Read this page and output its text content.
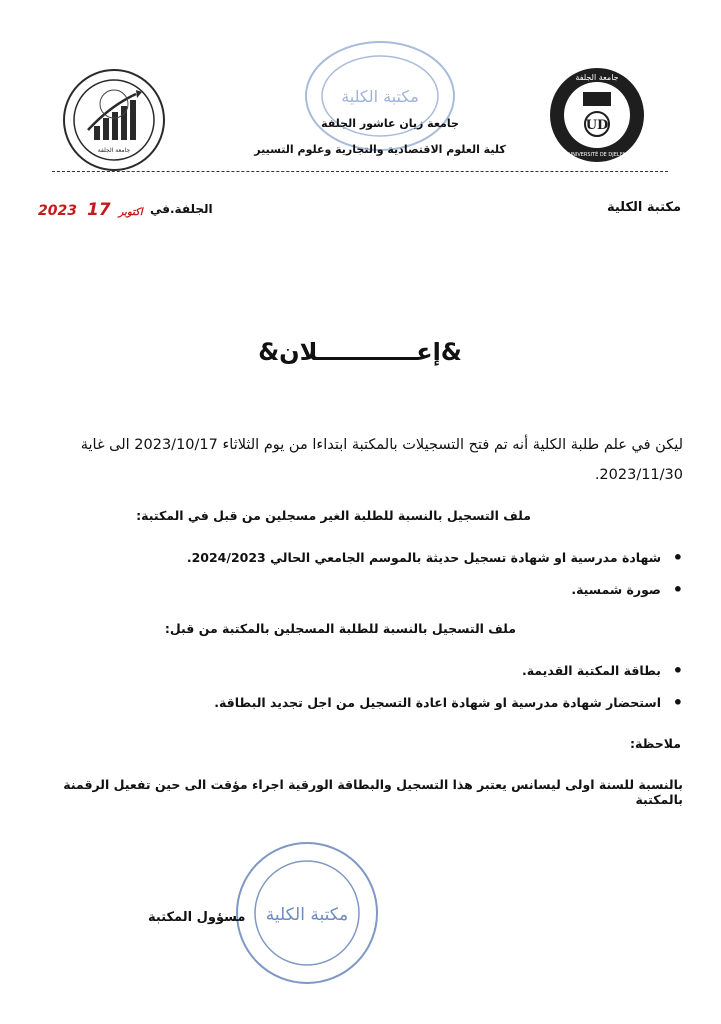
جامعة الجلفة
جامعة الجلفة
UD
UNIVERSITÉ DE DJELFA
مكتبة الكلية
جامعة زيان عاشور الجلفة
كلية العلوم الاقتصادية والتجارية وعلوم التسيير
مكتبة الكلية
الجلفة.في
2023	اكتوبر17
&إعــــــــــــلان&
ليكن في علم طلبة الكلية أنه تم فتح التسجيلات بالمكتبة ابتداءا من يوم الثلاثاء 2023/10/17 الى غاية 2023/11/30.
ملف التسجيل بالنسبة للطلبة الغير مسجلين من قبل في المكتبة:
• شهادة مدرسية او شهادة تسجيل حديثة بالموسم الجامعي الحالي 2024/2023.
• صورة شمسية.
ملف التسجيل بالنسبة للطلبة المسجلين بالمكتبة من قبل:
• بطاقة المكتبة القديمة.
• استحضار شهادة مدرسية او شهادة اعادة التسجيل من اجل تجديد البطاقة.
ملاحظة:
بالنسبة للسنة اولى ليسانس يعتبر هذا التسجيل والبطاقة الورقية اجراء مؤقت الى حين تفعيل الرقمنة بالمكتبة
مكتبة الكلية
مسؤول المكتبة
